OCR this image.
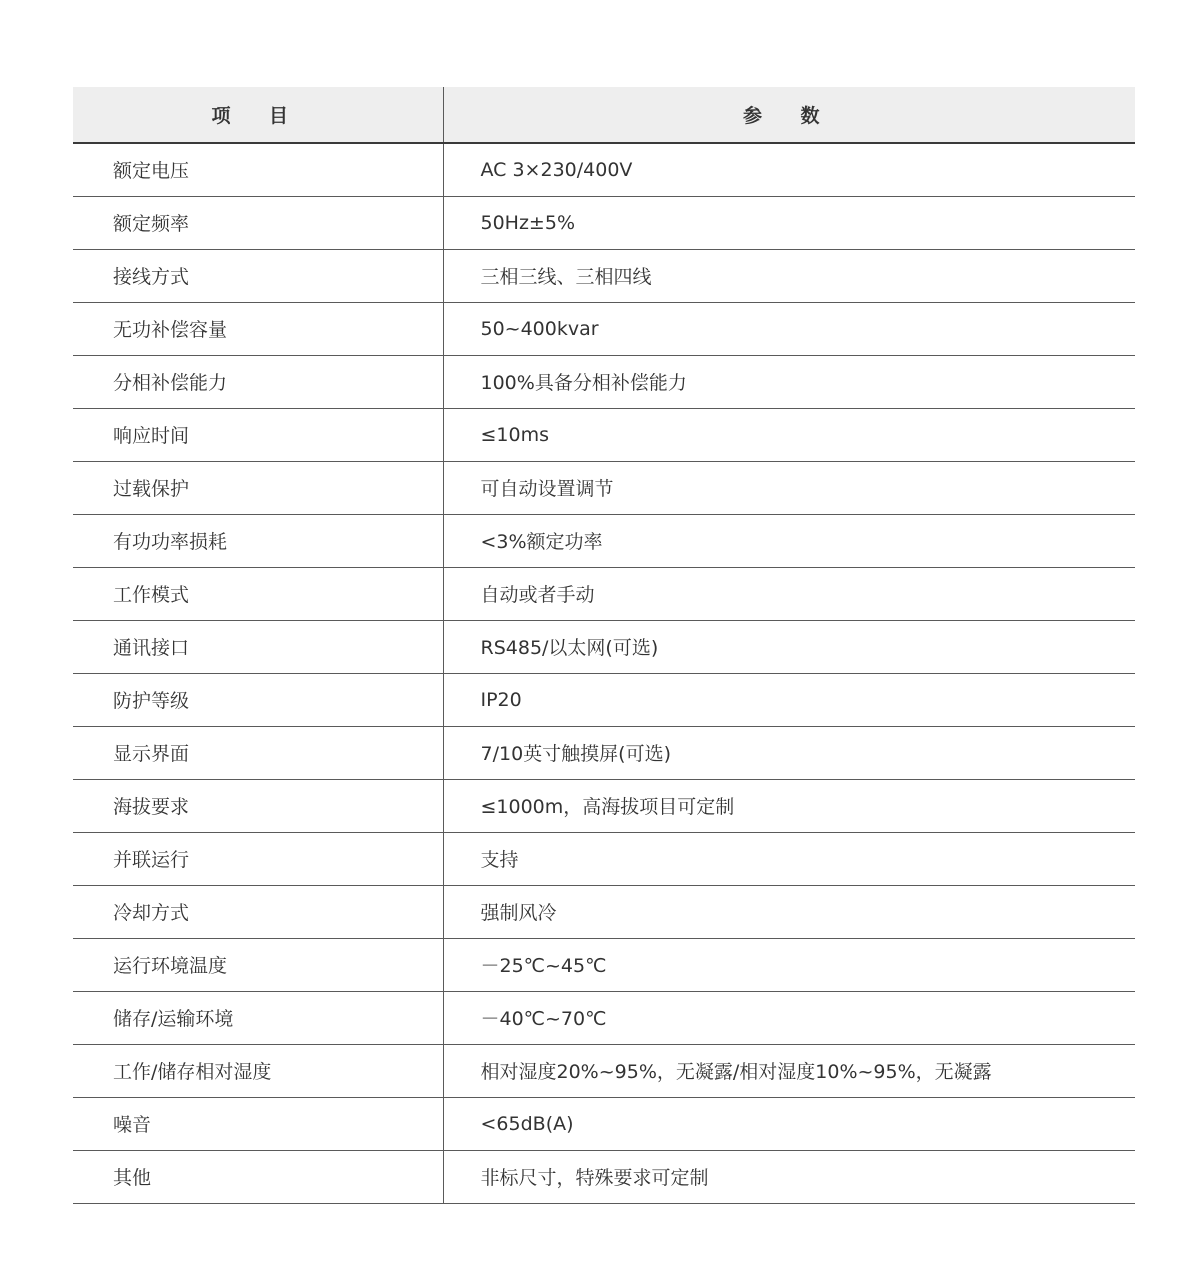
项 目	参 数
额定电压	AC 3×230/400V
额定频率	50Hz±5%
接线方式	三相三线、三相四线
无功补偿容量	50~400kvar
分相补偿能力	100%具备分相补偿能力
响应时间	≤10ms
过载保护	可自动设置调节
有功功率损耗	<3%额定功率
工作模式	自动或者手动
通讯接口	RS485/以太网(可选)
防护等级	IP20
显示界面	7/10英寸触摸屏(可选)
海拔要求	≤1000m，高海拔项目可定制
并联运行	支持
冷却方式	强制风冷
运行环境温度	－25℃~45℃
储存/运输环境	－40℃~70℃
工作/储存相对湿度	相对湿度20%~95%，无凝露/相对湿度10%~95%，无凝露
噪音	<65dB(A)
其他	非标尺寸，特殊要求可定制
